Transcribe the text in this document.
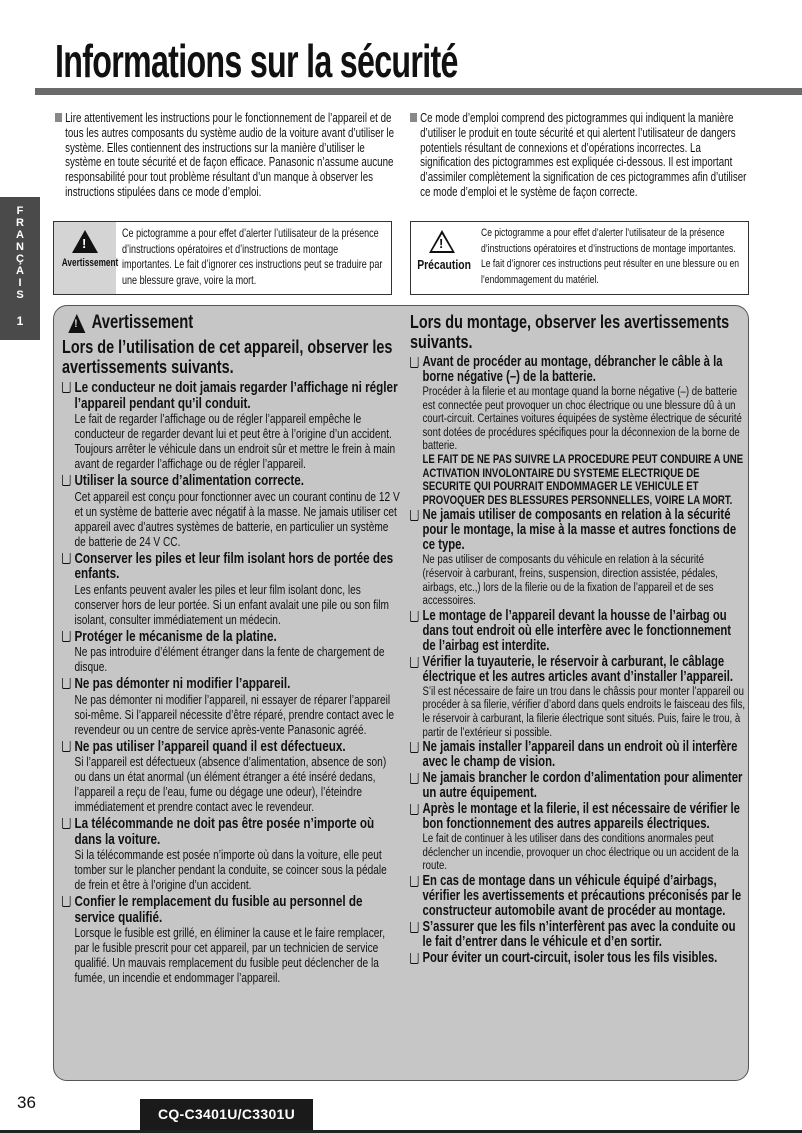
Informations sur la sécurité
F
R
A
N
Ç
A
I
S
1

Lire attentivement les instructions pour le fonctionnement de l’appareil et de tous les autres composants du système audio de la voiture avant d’utiliser le système. Elles contiennent des instructions sur la manière d’utiliser le système en toute sécurité et de façon efficace. Panasonic n’assume aucune responsabilité pour tout problème résultant d’un manque à observer les instructions stipulées dans ce mode d’emploi.

Ce mode d’emploi comprend des pictogrammes qui indiquent la manière d’utiliser le produit en toute sécurité et qui alertent l’utilisateur de dangers potentiels résultant de connexions et d’opérations incorrectes. La signification des pictogrammes est expliquée ci-dessous. Il est important d’assimiler complètement la signification de ces pictogrammes afin d’utiliser ce mode d’emploi et le système de façon correcte.

!
Avertissement
Ce pictogramme a pour effet d’alerter l’utilisateur de la présence d’instructions opératoires et d’instructions de montage importantes. Le fait d’ignorer ces instructions peut se traduire par une blessure grave, voire la mort.
!
Précaution
Ce pictogramme a pour effet d’alerter l’utilisateur de la présence d’instructions opératoires et d’instructions de montage importantes. Le fait d’ignorer ces instructions peut résulter en une blessure ou en l’endommagement du matériel.
! Avertissement
Lors de l’utilisation de cet appareil, observer les avertissements suivants.
Le conducteur ne doit jamais regarder l’affichage ni régler l’appareil pendant qu’il conduit.
Le fait de regarder l’affichage ou de régler l’appareil empêche le conducteur de regarder devant lui et peut être à l’origine d’un accident. Toujours arrêter le véhicule dans un endroit sûr et mettre le frein à main avant de regarder l’affichage ou de régler l’appareil.
Utiliser la source d’alimentation correcte.
Cet appareil est conçu pour fonctionner avec un courant continu de 12 V et un système de batterie avec négatif à la masse. Ne jamais utiliser cet appareil avec d’autres systèmes de batterie, en particulier un système de batterie de 24 V CC.
Conserver les piles et leur film isolant hors de portée des enfants.
Les enfants peuvent avaler les piles et leur film isolant donc, les conserver hors de leur portée. Si un enfant avalait une pile ou son film isolant, consulter immédiatement un médecin.
Protéger le mécanisme de la platine.
Ne pas introduire d’élément étranger dans la fente de chargement de disque.
Ne pas démonter ni modifier l’appareil.
Ne pas démonter ni modifier l’appareil, ni essayer de réparer l’appareil soi-même. Si l’appareil nécessite d’être réparé, prendre contact avec le revendeur ou un centre de service après-vente Panasonic agréé.
Ne pas utiliser l’appareil quand il est défectueux.
Si l’appareil est défectueux (absence d’alimentation, absence de son) ou dans un état anormal (un élément étranger a été inséré dedans, l’appareil a reçu de l’eau, fume ou dégage une odeur), l’éteindre immédiatement et prendre contact avec le revendeur.
La télécommande ne doit pas être posée n’importe où dans la voiture.
Si la télécommande est posée n’importe où dans la voiture, elle peut tomber sur le plancher pendant la conduite, se coincer sous la pédale de frein et être à l’origine d’un accident.
Confier le remplacement du fusible au personnel de service qualifié.
Lorsque le fusible est grillé, en éliminer la cause et le faire remplacer, par le fusible prescrit pour cet appareil, par un technicien de service qualifié. Un mauvais remplacement du fusible peut déclencher de la fumée, un incendie et endommager l’appareil.
Lors du montage, observer les avertissements suivants.
Avant de procéder au montage, débrancher le câble à la borne négative (–) de la batterie.
Procéder à la filerie et au montage quand la borne négative (–) de batterie est connectée peut provoquer un choc électrique ou une blessure dû à un court-circuit. Certaines voitures équipées de système électrique de sécurité sont dotées de procédures spécifiques pour la déconnexion de la borne de batterie.
LE FAIT DE NE PAS SUIVRE LA PROCEDURE PEUT CONDUIRE A UNE ACTIVATION INVOLONTAIRE DU SYSTEME ELECTRIQUE DE SECURITE QUI POURRAIT ENDOMMAGER LE VEHICULE ET PROVOQUER DES BLESSURES PERSONNELLES, VOIRE LA MORT.
Ne jamais utiliser de composants en relation à la sécurité pour le montage, la mise à la masse et autres fonctions de ce type.
Ne pas utiliser de composants du véhicule en relation à la sécurité (réservoir à carburant, freins, suspension, direction assistée, pédales, airbags, etc.,) lors de la filerie ou de la fixation de l’appareil et de ses accessoires.
Le montage de l’appareil devant la housse de l’airbag ou dans tout endroit où elle interfère avec le fonctionnement de l’airbag est interdite.
Vérifier la tuyauterie, le réservoir à carburant, le câblage électrique et les autres articles avant d’installer l’appareil.
S’il est nécessaire de faire un trou dans le châssis pour monter l’appareil ou procéder à sa filerie, vérifier d’abord dans quels endroits le faisceau des fils, le réservoir à carburant, la filerie électrique sont situés. Puis, faire le trou, à partir de l’extérieur si possible.
Ne jamais installer l’appareil dans un endroit où il interfère avec le champ de vision.
Ne jamais brancher le cordon d’alimentation pour alimenter un autre équipement.
Après le montage et la filerie, il est nécessaire de vérifier le bon fonctionnement des autres appareils électriques.
Le fait de continuer à les utiliser dans des conditions anormales peut déclencher un incendie, provoquer un choc électrique ou un accident de la route.
En cas de montage dans un véhicule équipé d’airbags, vérifier les avertissements et précautions préconisés par le constructeur automobile avant de procéder au montage.
S’assurer que les fils n’interfèrent pas avec la conduite ou le fait d’entrer dans le véhicule et d’en sortir.
Pour éviter un court-circuit, isoler tous les fils visibles.
36
CQ-C3401U/C3301U
